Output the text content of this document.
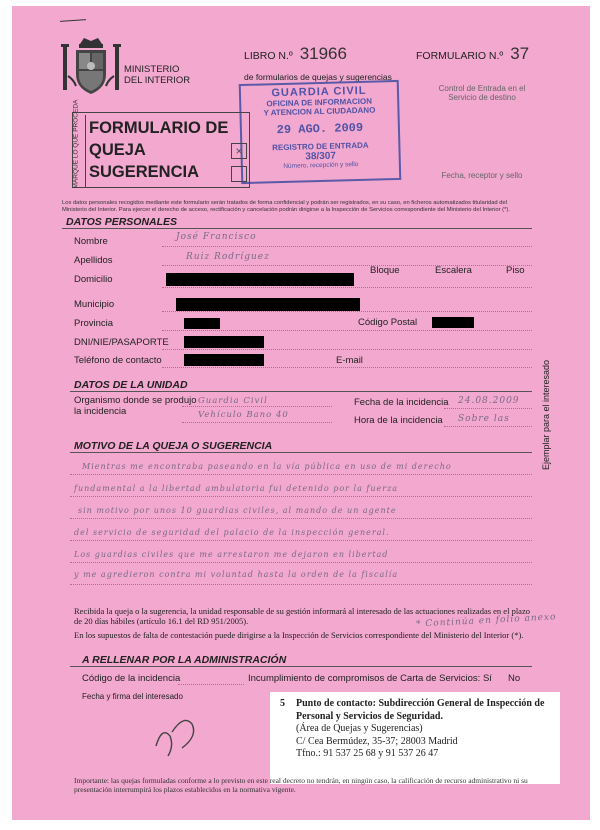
MINISTERIO
DEL INTERIOR
LIBRO N.º 31966	FORMULARIO N.º 37
de formularios de quejas y sugerencias
Control de Entrada en el
Servicio de destino
Fecha, receptor y sello
GUARDIA CIVIL
OFICINA DE INFORMACION
Y ATENCION AL CIUDADANO
29 AGO. 2009
REGISTRO DE ENTRADA
38/307
Número, recepción y sello
MARQUE LO QUE PROCEDA FORMULARIO DE
QUEJA
SUGERENCIA
×
Los datos personales recogidos mediante este formulario serán tratados de forma confidencial y podrán ser registrados, en su caso, en ficheros automatizados titularidad del Ministerio del Interior. Para ejercer el derecho de acceso, rectificación y cancelación podrán dirigirse a la Inspección de Servicios correspondiente del Ministerio del Interior (*).
DATOS PERSONALES
Nombre	José Francisco
Apellidos	Ruiz Rodríguez
Bloque	Escalera	Piso
Domicilio
Municipio
Provincia	Código Postal
DNI/NIE/PASAPORTE
Teléfono de contacto	E-mail
DATOS DE LA UNIDAD
Organismo donde se produjo
la incidencia
Guardia Civil
Vehículo Bano 40
Fecha de la incidencia 24.08.2009
Hora de la incidencia Sobre las
MOTIVO DE LA QUEJA O SUGERENCIA
Mientras me encontraba paseando en la vía pública en uso de mi derecho
fundamental a la libertad ambulatoria fui detenido por la fuerza
sin motivo por unos 10 guardias civiles, al mando de un agente
del servicio de seguridad del palacio de la inspección general.
Los guardias civiles que me arrestaron me dejaron en libertad
y me agredieron contra mi voluntad hasta la orden de la fiscalía
* Continúa en folio anexo
Recibida la queja o la sugerencia, la unidad responsable de su gestión informará al interesado de las actuaciones realizadas en el plazo de 20 días hábiles (artículo 16.1 del RD 951/2005).
En los supuestos de falta de contestación puede dirigirse a la Inspección de Servicios correspondiente del Ministerio del Interior (*).
A RELLENAR POR LA ADMINISTRACIÓN
Código de la incidencia	Incumplimiento de compromisos de Carta de Servicios: Sí No
Fecha y firma del interesado
5	Punto de contacto: Subdirección General de Inspección de Personal y Servicios de Seguridad.
(Área de Quejas y Sugerencias)
C/ Cea Bermúdez, 35-37; 28003 Madrid
Tfno.: 91 537 25 68 y 91 537 26 47
Importante: las quejas formuladas conforme a lo previsto en este real decreto no tendrán, en ningún caso, la calificación de recurso administrativo ni su presentación interrumpirá los plazos establecidos en la normativa vigente.
Ejemplar para el interesado
